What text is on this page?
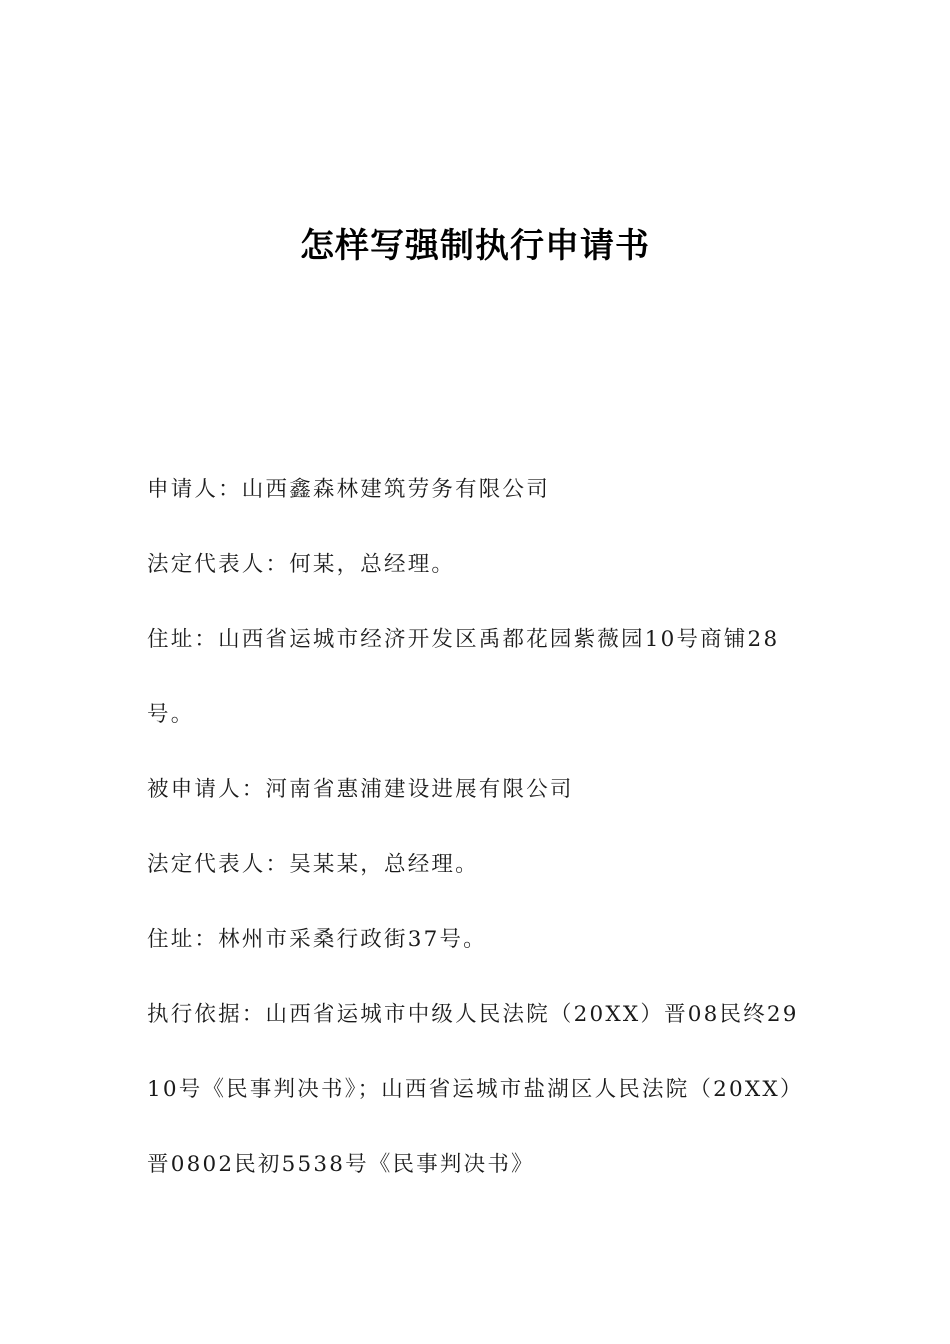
怎样写强制执行申请书

申请人：山西鑫森林建筑劳务有限公司

法定代表人：何某，总经理。

住址：山西省运城市经济开发区禹都花园紫薇园10号商铺28号。

被申请人：河南省惠浦建设进展有限公司

法定代表人：吴某某，总经理。

住址：林州市采桑行政街37号。

执行依据：山西省运城市中级人民法院（20XX）晋08民终2910号《民事判决书》；山西省运城市盐湖区人民法院（20XX）晋0802民初5538号《民事判决书》
